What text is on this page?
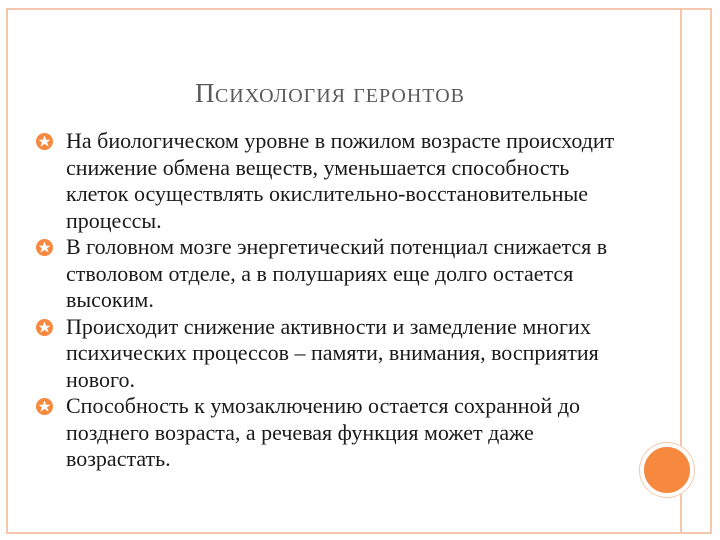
ПСИХОЛОГИЯ ГЕРОНТОВ
На биологическом уровне в пожилом возрасте происходит снижение обмена веществ, уменьшается способность клеток осуществлять окислительно-восстановительные процессы.
В головном мозге энергетический потенциал снижается в стволовом отделе, а в полушариях еще долго остается высоким.
Происходит снижение активности и замедление многих психических процессов – памяти, внимания, восприятия нового.
Способность к умозаключению остается сохранной до позднего возраста, а речевая функция может даже возрастать.
